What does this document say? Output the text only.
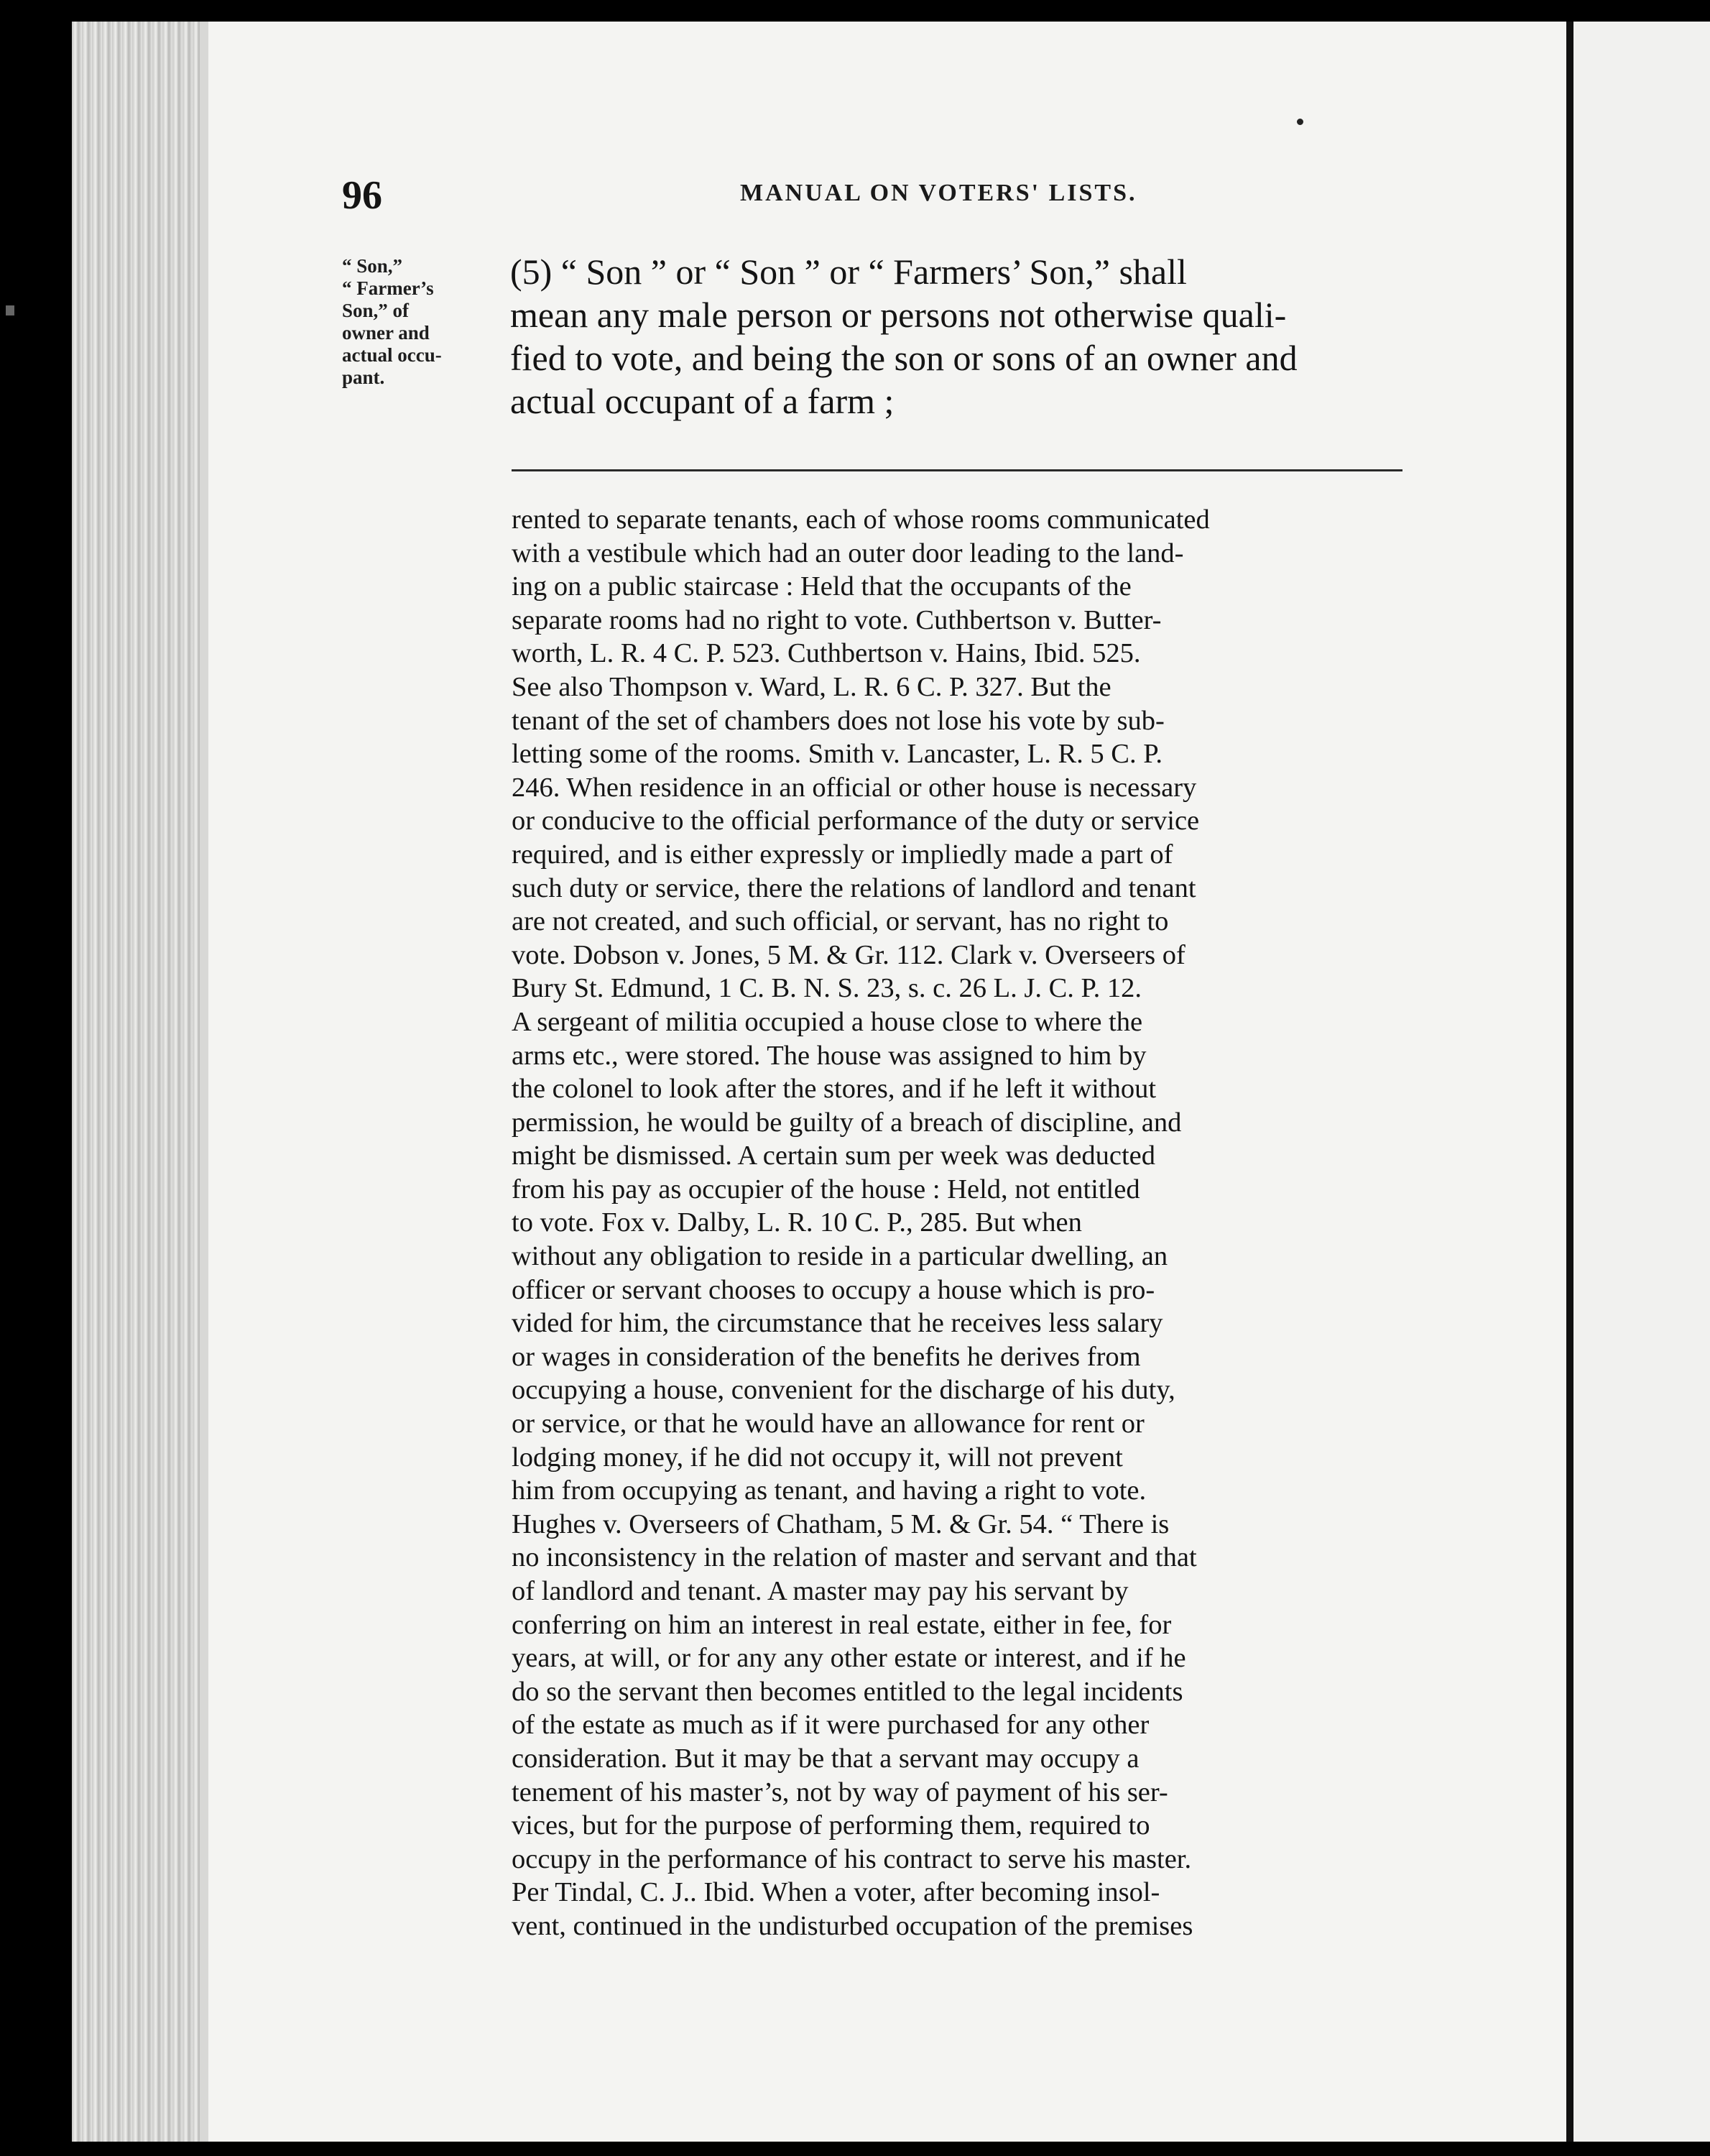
96	MANUAL ON VOTERS' LISTS.
“ Son,”
“ Farmer’s
Son,” of
owner and
actual occu-
pant.
(5) “ Son ” or “ Son ” or “ Farmers’ Son,” shall
mean any male person or persons not otherwise quali-
fied to vote, and being the son or sons of an owner and
actual occupant of a farm ;
rented to separate tenants, each of whose rooms communicated
with a vestibule which had an outer door leading to the land-
ing on a public staircase : Held that the occupants of the
separate rooms had no right to vote. Cuthbertson v. Butter-
worth, L. R. 4 C. P. 523. Cuthbertson v. Hains, Ibid. 525.
See also Thompson v. Ward, L. R. 6 C. P. 327. But the
tenant of the set of chambers does not lose his vote by sub-
letting some of the rooms. Smith v. Lancaster, L. R. 5 C. P.
246. When residence in an official or other house is necessary
or conducive to the official performance of the duty or service
required, and is either expressly or impliedly made a part of
such duty or service, there the relations of landlord and tenant
are not created, and such official, or servant, has no right to
vote. Dobson v. Jones, 5 M. & Gr. 112. Clark v. Overseers of
Bury St. Edmund, 1 C. B. N. S. 23, s. c. 26 L. J. C. P. 12.
A sergeant of militia occupied a house close to where the
arms etc., were stored. The house was assigned to him by
the colonel to look after the stores, and if he left it without
permission, he would be guilty of a breach of discipline, and
might be dismissed. A certain sum per week was deducted
from his pay as occupier of the house : Held, not entitled
to vote. Fox v. Dalby, L. R. 10 C. P., 285. But when
without any obligation to reside in a particular dwelling, an
officer or servant chooses to occupy a house which is pro-
vided for him, the circumstance that he receives less salary
or wages in consideration of the benefits he derives from
occupying a house, convenient for the discharge of his duty,
or service, or that he would have an allowance for rent or
lodging money, if he did not occupy it, will not prevent
him from occupying as tenant, and having a right to vote.
Hughes v. Overseers of Chatham, 5 M. & Gr. 54. “ There is
no inconsistency in the relation of master and servant and that
of landlord and tenant. A master may pay his servant by
conferring on him an interest in real estate, either in fee, for
years, at will, or for any any other estate or interest, and if he
do so the servant then becomes entitled to the legal incidents
of the estate as much as if it were purchased for any other
consideration. But it may be that a servant may occupy a
tenement of his master’s, not by way of payment of his ser-
vices, but for the purpose of performing them, required to
occupy in the performance of his contract to serve his master.
Per Tindal, C. J.. Ibid. When a voter, after becoming insol-
vent, continued in the undisturbed occupation of the premises
